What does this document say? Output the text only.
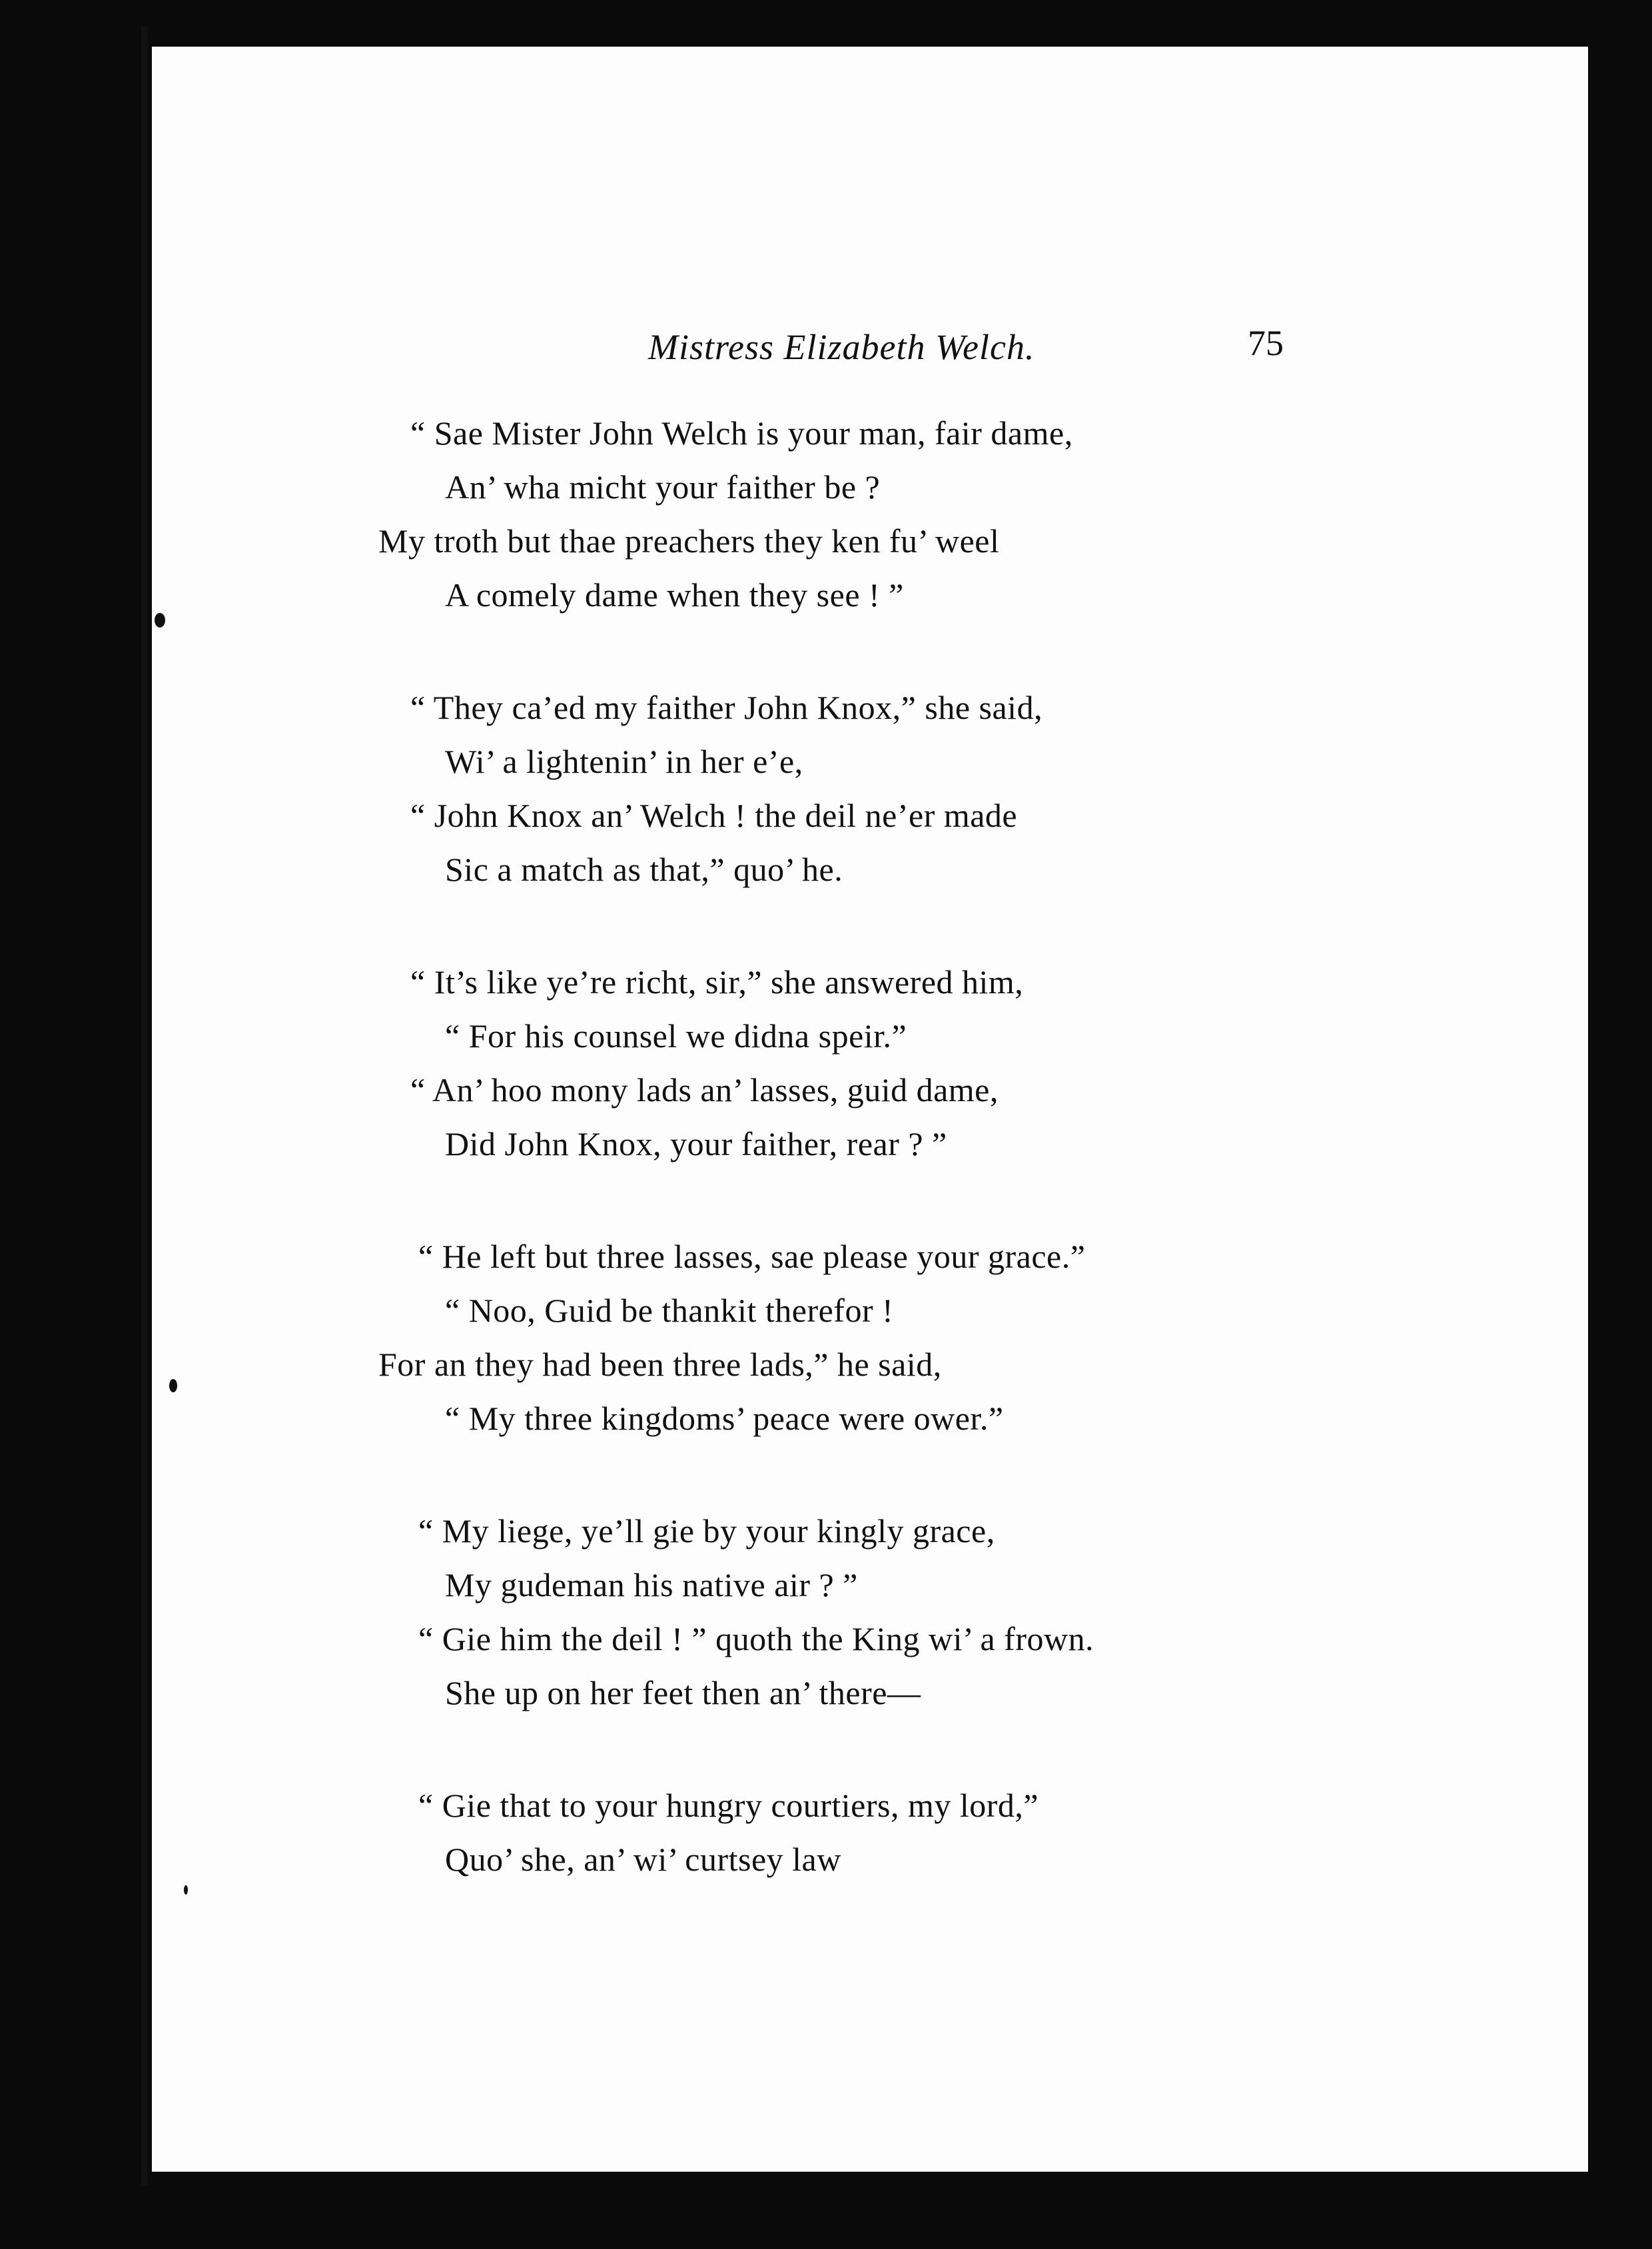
Mistress Elizabeth Welch.	75
“ Sae Mister John Welch is your man, fair dame,
An’ wha micht your faither be ?
My troth but thae preachers they ken fu’ weel
A comely dame when they see ! ”
“ They ca’ed my faither John Knox,” she said,
Wi’ a lightenin’ in her e’e,
“ John Knox an’ Welch ! the deil ne’er made
Sic a match as that,” quo’ he.
“ It’s like ye’re richt, sir,” she answered him,
“ For his counsel we didna speir.”
“ An’ hoo mony lads an’ lasses, guid dame,
Did John Knox, your faither, rear ? ”
“ He left but three lasses, sae please your grace.”
“ Noo, Guid be thankit therefor !
For an they had been three lads,” he said,
“ My three kingdoms’ peace were ower.”
“ My liege, ye’ll gie by your kingly grace,
My gudeman his native air ? ”
“ Gie him the deil ! ” quoth the King wi’ a frown.
She up on her feet then an’ there—
“ Gie that to your hungry courtiers, my lord,”
Quo’ she, an’ wi’ curtsey law
